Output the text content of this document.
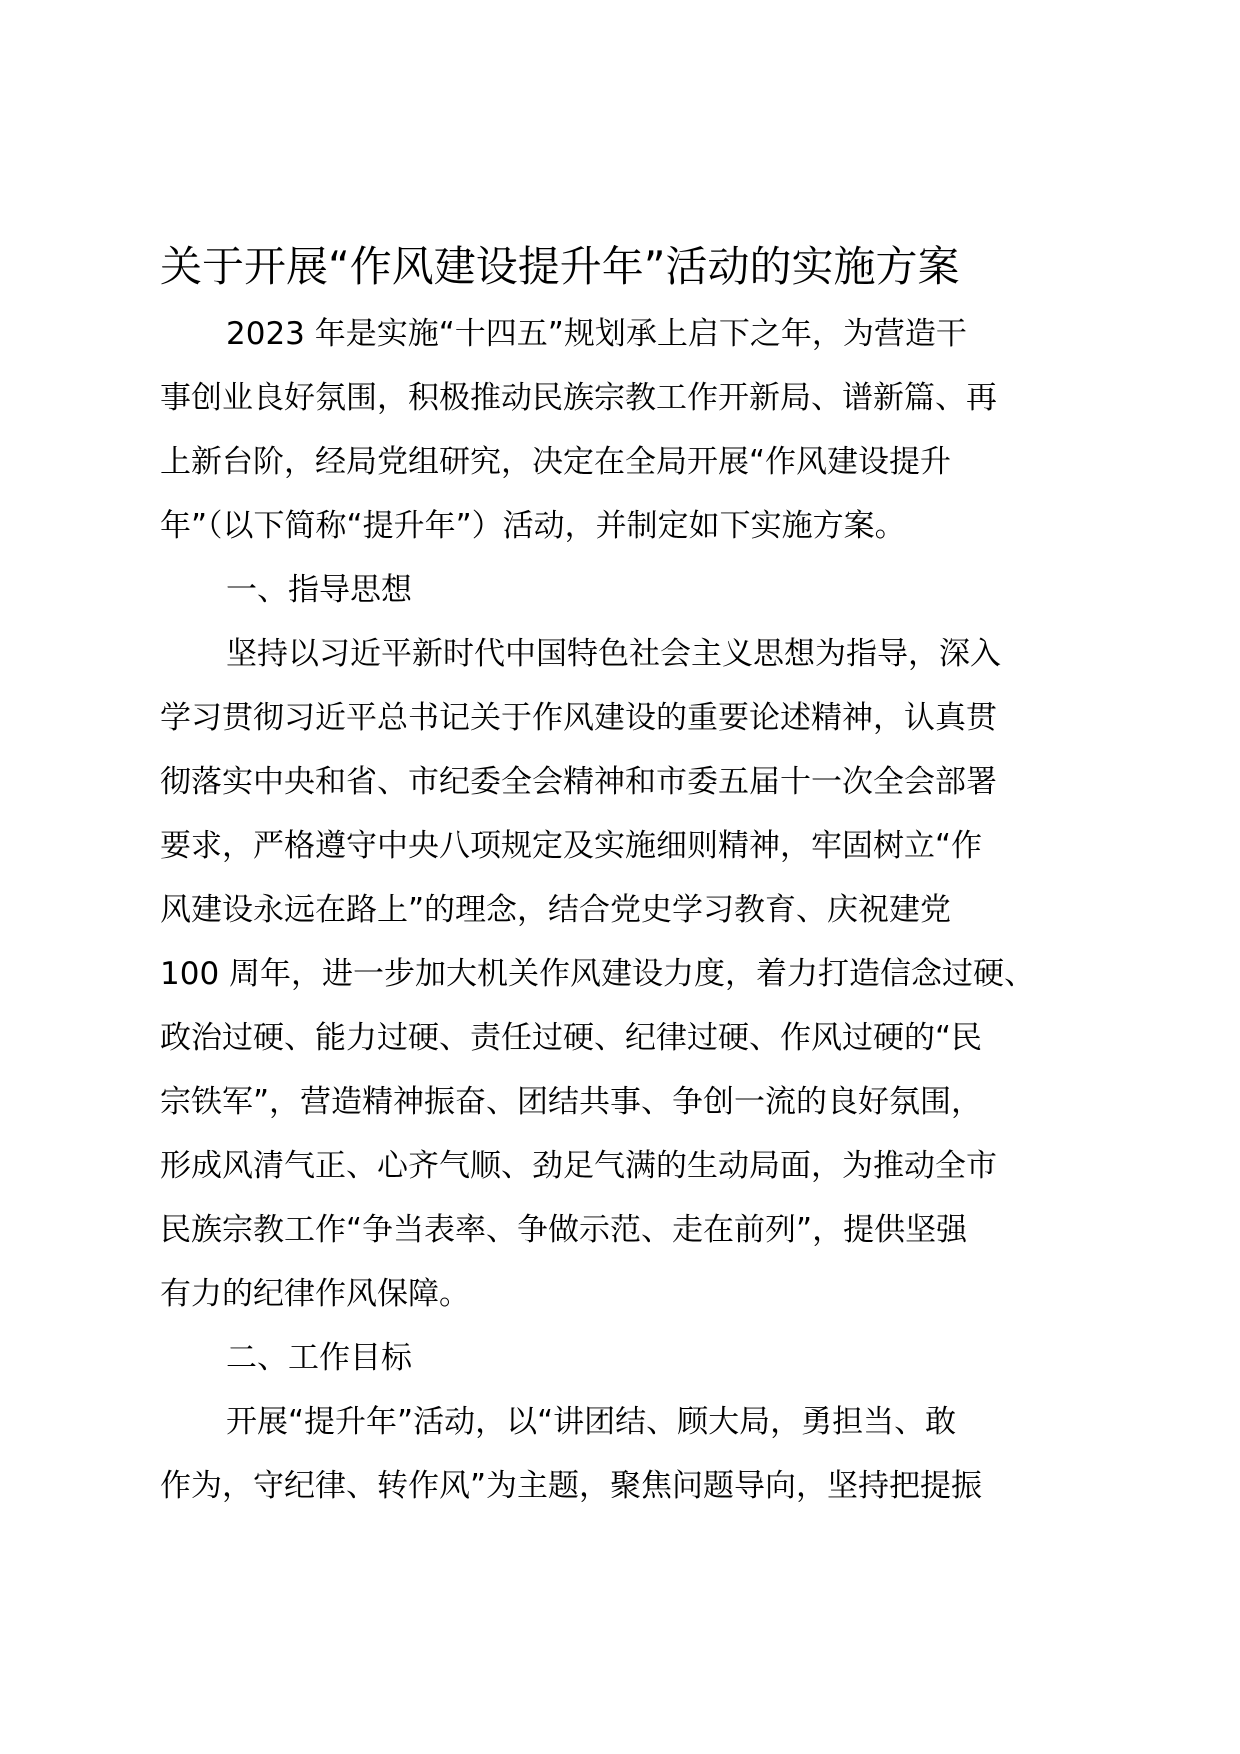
关于开展“作风建设提升年”活动的实施方案
2023 年是实施“十四五”规划承上启下之年，为营造干
事创业良好氛围，积极推动民族宗教工作开新局、谱新篇、再
上新台阶，经局党组研究，决定在全局开展“作风建设提升
年”（以下简称“提升年”）活动，并制定如下实施方案。
一、指导思想
坚持以习近平新时代中国特色社会主义思想为指导，深入
学习贯彻习近平总书记关于作风建设的重要论述精神，认真贯
彻落实中央和省、市纪委全会精神和市委五届十一次全会部署
要求，严格遵守中央八项规定及实施细则精神，牢固树立“作
风建设永远在路上”的理念，结合党史学习教育、庆祝建党
100 周年，进一步加大机关作风建设力度，着力打造信念过硬、
政治过硬、能力过硬、责任过硬、纪律过硬、作风过硬的“民
宗铁军”，营造精神振奋、团结共事、争创一流的良好氛围，
形成风清气正、心齐气顺、劲足气满的生动局面，为推动全市
民族宗教工作“争当表率、争做示范、走在前列”，提供坚强
有力的纪律作风保障。
二、工作目标
开展“提升年”活动，以“讲团结、顾大局，勇担当、敢
作为，守纪律、转作风”为主题，聚焦问题导向，坚持把提振
